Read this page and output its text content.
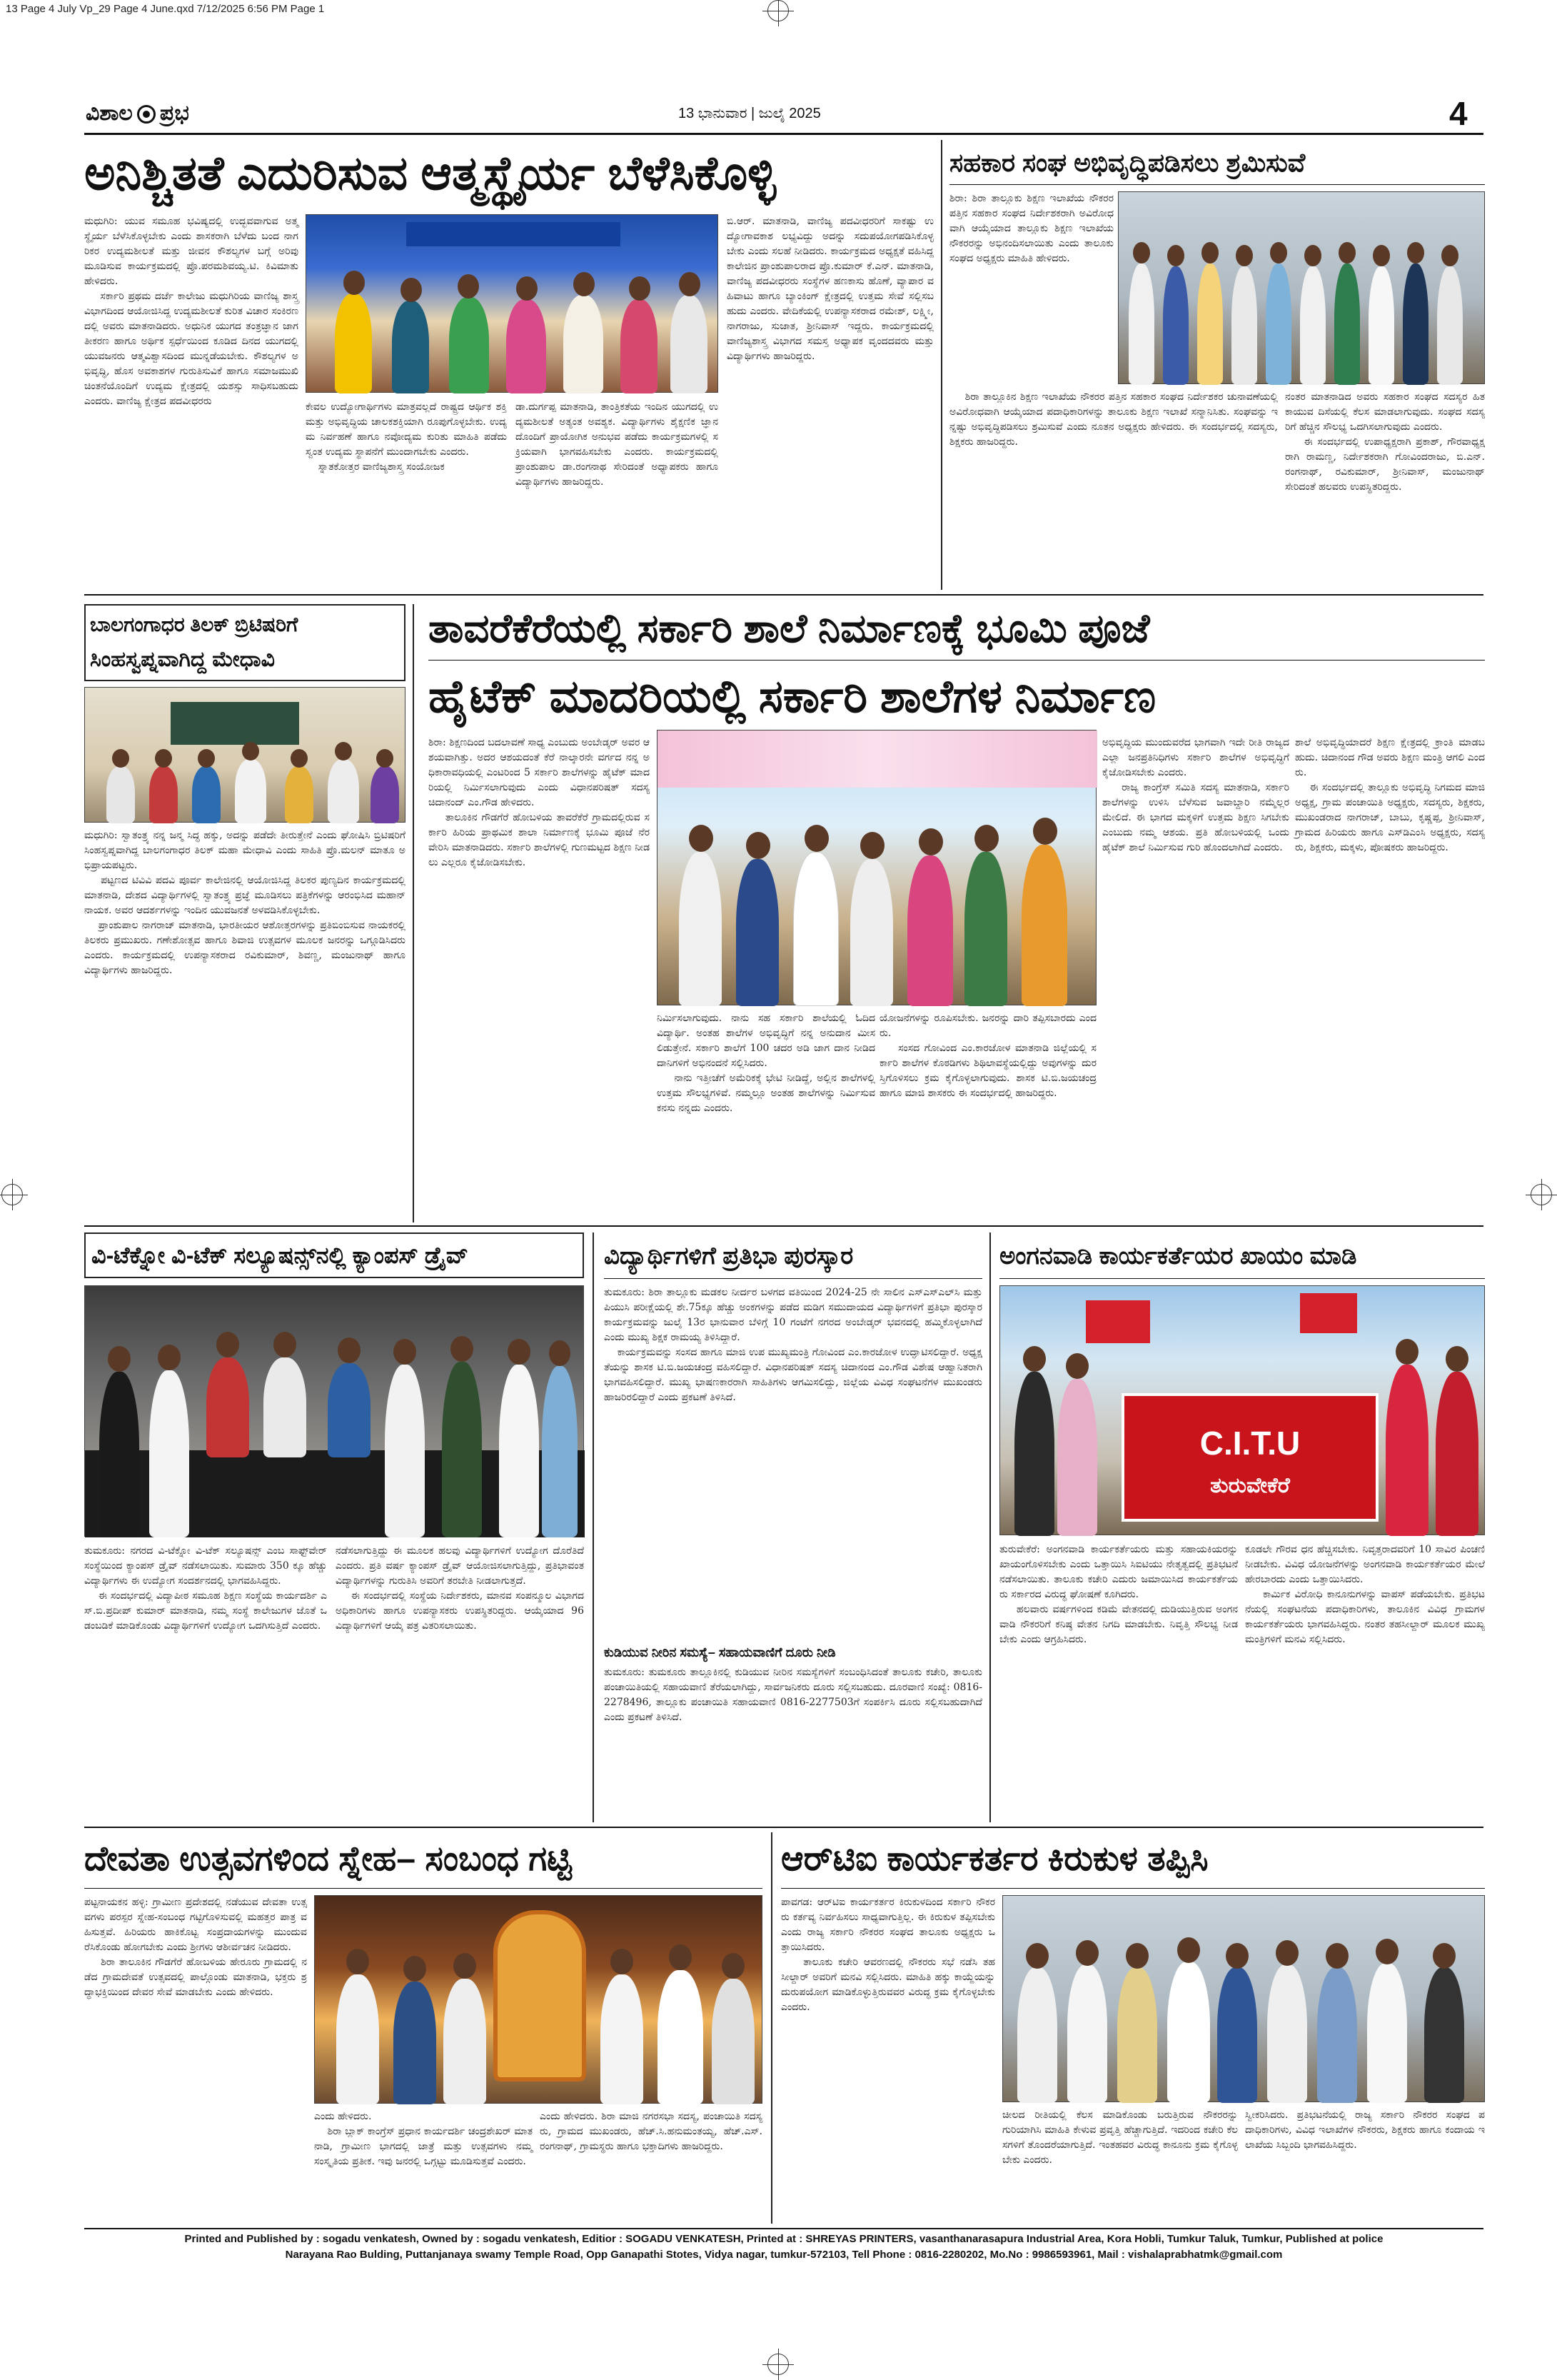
13 Page 4 July Vp_29 Page 4 June.qxd 7/12/2025 6:56 PM Page 1
ವಿಶಾಲ ಪ್ರಭ	13 ಭಾನುವಾರ | ಜುಲೈ 2025	4
ಅನಿಶ್ಚಿತತೆ ಎದುರಿಸುವ ಆತ್ಮಸ್ಥೈರ್ಯ ಬೆಳೆಸಿಕೊಳ್ಳಿ
ಮಧುಗಿರಿ: ಯುವ ಸಮೂಹ ಭವಿಷ್ಯದಲ್ಲಿ ಉದ್ಭವವಾಗುವ ಅತ್ಮಸ್ಥೈರ್ಯ ಬೆಳೆಸಿಕೊಳ್ಳಬೇಕು ಎಂದು ಶಾಸಕರಾಗಿ ಬೆಳೆದು ಬಂದ ನಾಗರಿಕರ ಉದ್ಯಮಶೀಲತೆ ಮತ್ತು ಜೀವನ ಕೌಶಲ್ಯಗಳ ಬಗ್ಗೆ ಅರಿವು ಮೂಡಿಸುವ ಕಾರ್ಯಕ್ರಮದಲ್ಲಿ ಪ್ರೊ.ಪರಮಶಿವಯ್ಯ.ಟಿ. ಕಿವಿಮಾತು ಹೇಳಿದರು.
ಸರ್ಕಾರಿ ಪ್ರಥಮ ದರ್ಜೆ ಕಾಲೇಜು ಮಧುಗಿರಿಯ ವಾಣಿಜ್ಯ ಶಾಸ್ತ್ರ ವಿಭಾಗದಿಂದ ಆಯೋಜಿಸಿದ್ದ ಉದ್ಯಮಶೀಲತೆ ಕುರಿತ ವಿಚಾರ ಸಂಕಿರಣದಲ್ಲಿ ಅವರು ಮಾತನಾಡಿದರು. ಅಧುನಿಕ ಯುಗದ ತಂತ್ರಜ್ಞಾನ ಜಾಗತೀಕರಣ ಹಾಗೂ ಅರ್ಥಿಕ ಸ್ಪರ್ಧೆಯಿಂದ ಕೂಡಿದ ದಿನದ ಯುಗದಲ್ಲಿ ಯುವಜನರು ಆತ್ಮವಿಶ್ವಾಸದಿಂದ ಮುನ್ನಡೆಯಬೇಕು. ಕೌಶಲ್ಯಗಳ ಅಭಿವೃದ್ಧಿ, ಹೊಸ ಅವಕಾಶಗಳ ಗುರುತಿಸುವಿಕೆ ಹಾಗೂ ಸಮಾಜಮುಖಿ ಚಿಂತನೆಯೊಂದಿಗೆ ಉದ್ಯಮ ಕ್ಷೇತ್ರದಲ್ಲಿ ಯಶಸ್ಸು ಸಾಧಿಸಬಹುದು ಎಂದರು. ವಾಣಿಜ್ಯ ಕ್ಷೇತ್ರದ ಪದವೀಧರರು	ಕೇವಲ ಉದ್ಯೋಗಾರ್ಥಿಗಳು ಮಾತ್ರವಲ್ಲದೆ ರಾಷ್ಟ್ರದ ಆರ್ಥಿಕ ಶಕ್ತಿ ಮತ್ತು ಅಭಿವೃದ್ಧಿಯ ಚಾಲಕಶಕ್ತಿಯಾಗಿ ರೂಪುಗೊಳ್ಳಬೇಕು. ಉದ್ಯಮ ನಿರ್ವಹಣೆ ಹಾಗೂ ನವೋದ್ಯಮ ಕುರಿತು ಮಾಹಿತಿ ಪಡೆದು ಸ್ವಂತ ಉದ್ಯಮ ಸ್ಥಾಪನೆಗೆ ಮುಂದಾಗಬೇಕು ಎಂದರು.
ಸ್ನಾತಕೋತ್ತರ ವಾಣಿಜ್ಯಶಾಸ್ತ್ರ ಸಂಯೋಜಕ
ಡಾ.ದುರ್ಗಪ್ಪ ಮಾತನಾಡಿ, ತಾಂತ್ರಿಕತೆಯ ಇಂದಿನ ಯುಗದಲ್ಲಿ ಉದ್ಯಮಶೀಲತೆ ಅತ್ಯಂತ ಅವಶ್ಯಕ. ವಿದ್ಯಾರ್ಥಿಗಳು ಶೈಕ್ಷಣಿಕ ಜ್ಞಾನದೊಂದಿಗೆ ಪ್ರಾಯೋಗಿಕ ಅನುಭವ ಪಡೆದು ಕಾರ್ಯಕ್ರಮಗಳಲ್ಲಿ ಸಕ್ರಿಯವಾಗಿ ಭಾಗವಹಿಸಬೇಕು ಎಂದರು. ಕಾರ್ಯಕ್ರಮದಲ್ಲಿ ಪ್ರಾಂಶುಪಾಲ ಡಾ.ರಂಗನಾಥ ಸೇರಿದಂತೆ ಅಧ್ಯಾಪಕರು ಹಾಗೂ ವಿದ್ಯಾರ್ಥಿಗಳು ಹಾಜರಿದ್ದರು.
ಬಿ.ಆರ್. ಮಾತನಾಡಿ, ವಾಣಿಜ್ಯ ಪದವೀಧರರಿಗೆ ಸಾಕಷ್ಟು ಉದ್ಯೋಗಾವಕಾಶ ಲಭ್ಯವಿದ್ದು ಅದನ್ನು ಸದುಪಯೋಗಪಡಿಸಿಕೊಳ್ಳಬೇಕು ಎಂದು ಸಲಹೆ ನೀಡಿದರು. ಕಾರ್ಯಕ್ರಮದ ಅಧ್ಯಕ್ಷತೆ ವಹಿಸಿದ್ದ ಕಾಲೇಜಿನ ಪ್ರಾಂಶುಪಾಲರಾದ ಪ್ರೊ.ಕುಮಾರ್ ಕೆ.ಎನ್. ಮಾತನಾಡಿ, ವಾಣಿಜ್ಯ ಪದವೀಧರರು ಸಂಸ್ಥೆಗಳ ಹಣಕಾಸು ಹೊಣೆ, ವ್ಯಾಪಾರ ವಹಿವಾಟು ಹಾಗೂ ಬ್ಯಾಂಕಿಂಗ್ ಕ್ಷೇತ್ರದಲ್ಲಿ ಉತ್ತಮ ಸೇವೆ ಸಲ್ಲಿಸಬಹುದು ಎಂದರು. ವೇದಿಕೆಯಲ್ಲಿ ಉಪನ್ಯಾಸಕರಾದ ರಮೇಶ್, ಲಕ್ಷ್ಮೀ, ನಾಗರಾಜು, ಸುಜಾತ, ಶ್ರೀನಿವಾಸ್ ಇದ್ದರು. ಕಾರ್ಯಕ್ರಮದಲ್ಲಿ ವಾಣಿಜ್ಯಶಾಸ್ತ್ರ ವಿಭಾಗದ ಸಮಸ್ತ ಅಧ್ಯಾಪಕ ವೃಂದದವರು ಮತ್ತು ವಿದ್ಯಾರ್ಥಿಗಳು ಹಾಜರಿದ್ದರು.
ಸಹಕಾರ ಸಂಘ ಅಭಿವೃದ್ಧಿಪಡಿಸಲು ಶ್ರಮಿಸುವೆ
ಶಿರಾ: ಶಿರಾ ತಾಲ್ಲೂಕು ಶಿಕ್ಷಣ ಇಲಾಖೆಯ ನೌಕರರ ಪತ್ತಿನ ಸಹಕಾರ ಸಂಘದ ನಿರ್ದೇಶಕರಾಗಿ ಅವಿರೋಧವಾಗಿ ಆಯ್ಕೆಯಾದ ತಾಲ್ಲೂಕು ಶಿಕ್ಷಣ ಇಲಾಖೆಯ ನೌಕರರನ್ನು ಅಭಿನಂದಿಸಲಾಯಿತು ಎಂದು ತಾಲೂಕು ಸಂಘದ ಅಧ್ಯಕ್ಷರು ಮಾಹಿತಿ ಹೇಳಿದರು.
ಶಿರಾ ತಾಲ್ಲೂಕಿನ ಶಿಕ್ಷಣ ಇಲಾಖೆಯ ನೌಕರರ ಪತ್ತಿನ ಸಹಕಾರ ಸಂಘದ ನಿರ್ದೇಶಕರ ಚುನಾವಣೆಯಲ್ಲಿ ಅವಿರೋಧವಾಗಿ ಆಯ್ಕೆಯಾದ ಪದಾಧಿಕಾರಿಗಳನ್ನು ತಾಲೂಕು ಶಿಕ್ಷಣ ಇಲಾಖೆ ಸನ್ಮಾನಿಸಿತು. ಸಂಘವನ್ನು ಇನ್ನಷ್ಟು ಅಭಿವೃದ್ಧಿಪಡಿಸಲು ಶ್ರಮಿಸುವೆ ಎಂದು ನೂತನ ಅಧ್ಯಕ್ಷರು ಹೇಳಿದರು. ಈ ಸಂದರ್ಭದಲ್ಲಿ ಸದಸ್ಯರು, ಶಿಕ್ಷಕರು ಹಾಜರಿದ್ದರು.
ನಂತರ ಮಾತನಾಡಿದ ಅವರು ಸಹಕಾರ ಸಂಘದ ಸದಸ್ಯರ ಹಿತ ಕಾಯುವ ದಿಸೆಯಲ್ಲಿ ಕೆಲಸ ಮಾಡಲಾಗುವುದು. ಸಂಘದ ಸದಸ್ಯರಿಗೆ ಹೆಚ್ಚಿನ ಸೌಲಭ್ಯ ಒದಗಿಸಲಾಗುವುದು ಎಂದರು.
ಈ ಸಂದರ್ಭದಲ್ಲಿ ಉಪಾಧ್ಯಕ್ಷರಾಗಿ ಪ್ರಕಾಶ್, ಗೌರವಾಧ್ಯಕ್ಷರಾಗಿ ರಾಮಣ್ಣ, ನಿರ್ದೇಶಕರಾಗಿ ಗೋವಿಂದರಾಜು, ಬಿ.ಎನ್. ರಂಗನಾಥ್, ರವಿಕುಮಾರ್, ಶ್ರೀನಿವಾಸ್, ಮಂಜುನಾಥ್ ಸೇರಿದಂತೆ ಹಲವರು ಉಪಸ್ಥಿತರಿದ್ದರು.
ಬಾಲಗಂಗಾಧರ ತಿಲಕ್ ಬ್ರಿಟಿಷರಿಗೆ
ಸಿಂಹಸ್ವಪ್ನವಾಗಿದ್ದ ಮೇಧಾವಿ
ಮಧುಗಿರಿ: ಸ್ವಾತಂತ್ರ್ಯ ನನ್ನ ಜನ್ಮ ಸಿದ್ಧ ಹಕ್ಕು, ಅದನ್ನು ಪಡೆದೇ ತೀರುತ್ತೇನೆ ಎಂದು ಘೋಷಿಸಿ ಬ್ರಿಟಿಷರಿಗೆ ಸಿಂಹಸ್ವಪ್ನವಾಗಿದ್ದ ಬಾಲಗಂಗಾಧರ ತಿಲಕ್ ಮಹಾ ಮೇಧಾವಿ ಎಂದು ಸಾಹಿತಿ ಪ್ರೊ.ಮಲನ್ ಮಾತೂ ಅಭಿಪ್ರಾಯಪಟ್ಟರು.
ಪಟ್ಟಣದ ಟಿವಿವಿ ಪದವಿ ಪೂರ್ವ ಕಾಲೇಜಿನಲ್ಲಿ ಆಯೋಜಿಸಿದ್ದ ತಿಲಕರ ಪುಣ್ಯದಿನ ಕಾರ್ಯಕ್ರಮದಲ್ಲಿ ಮಾತನಾಡಿ, ದೇಶದ ವಿದ್ಯಾರ್ಥಿಗಳಲ್ಲಿ ಸ್ವಾತಂತ್ರ್ಯ ಪ್ರಜ್ಞೆ ಮೂಡಿಸಲು ಪತ್ರಿಕೆಗಳನ್ನು ಆರಂಭಿಸಿದ ಮಹಾನ್ ನಾಯಕ. ಅವರ ಆದರ್ಶಗಳನ್ನು ಇಂದಿನ ಯುವಜನತೆ ಅಳವಡಿಸಿಕೊಳ್ಳಬೇಕು.
ಪ್ರಾಂಶುಪಾಲ ನಾಗರಾಜ್ ಮಾತನಾಡಿ, ಭಾರತೀಯರ ಆಶೋತ್ತರಗಳನ್ನು ಪ್ರತಿಬಿಂಬಿಸುವ ನಾಯಕರಲ್ಲಿ ತಿಲಕರು ಪ್ರಮುಖರು. ಗಣೇಶೋತ್ಸವ ಹಾಗೂ ಶಿವಾಜಿ ಉತ್ಸವಗಳ ಮೂಲಕ ಜನರನ್ನು ಒಗ್ಗೂಡಿಸಿದರು ಎಂದರು. ಕಾರ್ಯಕ್ರಮದಲ್ಲಿ ಉಪನ್ಯಾಸಕರಾದ ರವಿಕುಮಾರ್, ಶಿವಣ್ಣ, ಮಂಜುನಾಥ್ ಹಾಗೂ ವಿದ್ಯಾರ್ಥಿಗಳು ಹಾಜರಿದ್ದರು.
ತಾವರೆಕೆರೆಯಲ್ಲಿ ಸರ್ಕಾರಿ ಶಾಲೆ ನಿರ್ಮಾಣಕ್ಕೆ ಭೂಮಿ ಪೂಜೆ
ಹೈಟೆಕ್ ಮಾದರಿಯಲ್ಲಿ ಸರ್ಕಾರಿ ಶಾಲೆಗಳ ನಿರ್ಮಾಣ
ಶಿರಾ: ಶಿಕ್ಷಣದಿಂದ ಬದಲಾವಣೆ ಸಾಧ್ಯ ಎಂಬುದು ಅಂಬೇಡ್ಕರ್ ಅವರ ಆಶಯವಾಗಿತ್ತು. ಅದರ ಆಶಯದಂತೆ ಕೆರೆ ನಾಲ್ಕಾರನೇ ವರ್ಗದ ನನ್ನ ಅಧಿಕಾರಾವಧಿಯಲ್ಲಿ ಎಂಟರಿಂದ 5 ಸರ್ಕಾರಿ ಶಾಲೆಗಳನ್ನು ಹೈಟೆಕ್ ಮಾದರಿಯಲ್ಲಿ ನಿರ್ಮಿಸಲಾಗುವುದು ಎಂದು ವಿಧಾನಪರಿಷತ್ ಸದಸ್ಯ ಚಿದಾನಂದ್ ಎಂ.ಗೌಡ ಹೇಳಿದರು.
ತಾಲೂಕಿನ ಗೌಡಗೆರೆ ಹೋಬಳಿಯ ತಾವರೆಕೆರೆ ಗ್ರಾಮದಲ್ಲಿರುವ ಸರ್ಕಾರಿ ಹಿರಿಯ ಪ್ರಾಥಮಿಕ ಶಾಲಾ ನಿರ್ಮಾಣಕ್ಕೆ ಭೂಮಿ ಪೂಜೆ ನೆರವೇರಿಸಿ ಮಾತನಾಡಿದರು. ಸರ್ಕಾರಿ ಶಾಲೆಗಳಲ್ಲಿ ಗುಣಮಟ್ಟದ ಶಿಕ್ಷಣ ನೀಡಲು ಎಲ್ಲರೂ ಕೈಜೋಡಿಸಬೇಕು.
ನಿರ್ಮಿಸಲಾಗುವುದು. ನಾನು ಸಹ ಸರ್ಕಾರಿ ಶಾಲೆಯಲ್ಲಿ ಓದಿದ ವಿದ್ಯಾರ್ಥಿ. ಅಂತಹ ಶಾಲೆಗಳ ಅಭಿವೃದ್ಧಿಗೆ ನನ್ನ ಅನುದಾನ ಮೀಸಲಿಡುತ್ತೇನೆ. ಸರ್ಕಾರಿ ಶಾಲೆಗೆ 100 ಚದರ ಅಡಿ ಜಾಗ ದಾನ ನೀಡಿದ ದಾನಿಗಳಿಗೆ ಅಭಿನಂದನೆ ಸಲ್ಲಿಸಿದರು.
ನಾನು ಇತ್ತೀಚೆಗೆ ಅಮೆರಿಕಕ್ಕೆ ಭೇಟಿ ನೀಡಿದ್ದೆ, ಅಲ್ಲಿನ ಶಾಲೆಗಳಲ್ಲಿ ಉತ್ತಮ ಸೌಲಭ್ಯಗಳಿವೆ. ನಮ್ಮಲ್ಲೂ ಅಂತಹ ಶಾಲೆಗಳನ್ನು ನಿರ್ಮಿಸುವ ಕನಸು ನನ್ನದು ಎಂದರು.
ಯೋಜನೆಗಳನ್ನು ರೂಪಿಸಬೇಕು. ಜನರನ್ನು ದಾರಿ ತಪ್ಪಿಸಬಾರದು ಎಂದರು.
ಸಂಸದ ಗೋವಿಂದ ಎಂ.ಕಾರಜೋಳ ಮಾತನಾಡಿ ಜಿಲ್ಲೆಯಲ್ಲಿ ಸರ್ಕಾರಿ ಶಾಲೆಗಳ ಕೊಠಡಿಗಳು ಶಿಥಿಲಾವಸ್ಥೆಯಲ್ಲಿದ್ದು ಅವುಗಳನ್ನು ದುರಸ್ತಿಗೊಳಿಸಲು ಕ್ರಮ ಕೈಗೊಳ್ಳಲಾಗುವುದು. ಶಾಸಕ ಟಿ.ಬಿ.ಜಯಚಂದ್ರ ಹಾಗೂ ಮಾಜಿ ಶಾಸಕರು ಈ ಸಂದರ್ಭದಲ್ಲಿ ಹಾಜರಿದ್ದರು.
ಅಭಿವೃದ್ಧಿಯ ಮುಂದುವರೆದ ಭಾಗವಾಗಿ ಇದೇ ರೀತಿ ರಾಜ್ಯದ ಎಲ್ಲಾ ಜನಪ್ರತಿನಿಧಿಗಳು ಸರ್ಕಾರಿ ಶಾಲೆಗಳ ಅಭಿವೃದ್ಧಿಗೆ ಕೈಜೋಡಿಸಬೇಕು ಎಂದರು.
ರಾಜ್ಯ ಕಾಂಗ್ರೆಸ್ ಸಮಿತಿ ಸದಸ್ಯ ಮಾತನಾಡಿ, ಸರ್ಕಾರಿ ಶಾಲೆಗಳನ್ನು ಉಳಿಸಿ ಬೆಳೆಸುವ ಜವಾಬ್ದಾರಿ ನಮ್ಮೆಲ್ಲರ ಮೇಲಿದೆ. ಈ ಭಾಗದ ಮಕ್ಕಳಿಗೆ ಉತ್ತಮ ಶಿಕ್ಷಣ ಸಿಗಬೇಕು ಎಂಬುದು ನಮ್ಮ ಆಶಯ. ಪ್ರತಿ ಹೋಬಳಿಯಲ್ಲಿ ಒಂದು ಹೈಟೆಕ್ ಶಾಲೆ ನಿರ್ಮಿಸುವ ಗುರಿ ಹೊಂದಲಾಗಿದೆ ಎಂದರು.
ಶಾಲೆ ಅಭಿವೃದ್ಧಿಯಾದರೆ ಶಿಕ್ಷಣ ಕ್ಷೇತ್ರದಲ್ಲಿ ಕ್ರಾಂತಿ ಮಾಡಬಹುದು. ಚಿದಾನಂದ ಗೌಡ ಅವರು ಶಿಕ್ಷಣ ಮಂತ್ರಿ ಆಗಲಿ ಎಂದರು.
ಈ ಸಂದರ್ಭದಲ್ಲಿ ತಾಲ್ಲೂಕು ಅಭಿವೃದ್ಧಿ ನಿಗಮದ ಮಾಜಿ ಅಧ್ಯಕ್ಷ, ಗ್ರಾಮ ಪಂಚಾಯಿತಿ ಅಧ್ಯಕ್ಷರು, ಸದಸ್ಯರು, ಶಿಕ್ಷಕರು, ಮುಖಂಡರಾದ ನಾಗರಾಜ್, ಬಾಬು, ಕೃಷ್ಣಪ್ಪ, ಶ್ರೀನಿವಾಸ್, ಗ್ರಾಮದ ಹಿರಿಯರು ಹಾಗೂ ಎಸ್‌ಡಿಎಂಸಿ ಅಧ್ಯಕ್ಷರು, ಸದಸ್ಯರು, ಶಿಕ್ಷಕರು, ಮಕ್ಕಳು, ಪೋಷಕರು ಹಾಜರಿದ್ದರು.
ವಿ-ಟೆಕ್ನೋ ವಿ-ಟೆಕ್ ಸಲ್ಯೂಷನ್ಸ್‌ನಲ್ಲಿ ಕ್ಯಾಂಪಸ್ ಡ್ರೈವ್
ತುಮಕೂರು: ನಗರದ ವಿ-ಟೆಕ್ನೋ ವಿ-ಟೆಕ್ ಸಲ್ಯೂಷನ್ಸ್ ಎಂಬ ಸಾಫ್ಟ್‌ವೇರ್ ಸಂಸ್ಥೆಯಿಂದ ಕ್ಯಾಂಪಸ್ ಡ್ರೈವ್ ನಡೆಸಲಾಯಿತು. ಸುಮಾರು 350 ಕ್ಕೂ ಹೆಚ್ಚು ವಿದ್ಯಾರ್ಥಿಗಳು ಈ ಉದ್ಯೋಗ ಸಂದರ್ಶನದಲ್ಲಿ ಭಾಗವಹಿಸಿದ್ದರು.
ಈ ಸಂದರ್ಭದಲ್ಲಿ ವಿದ್ಯಾಪೀಠ ಸಮೂಹ ಶಿಕ್ಷಣ ಸಂಸ್ಥೆಯ ಕಾರ್ಯದರ್ಶಿ ಎಸ್.ಬಿ.ಪ್ರದೀಪ್ ಕುಮಾರ್ ಮಾತನಾಡಿ, ನಮ್ಮ ಸಂಸ್ಥೆ ಕಾಲೇಜುಗಳ ಜೊತೆ ಒಡಂಬಡಿಕೆ ಮಾಡಿಕೊಂಡು ವಿದ್ಯಾರ್ಥಿಗಳಿಗೆ ಉದ್ಯೋಗ ಒದಗಿಸುತ್ತಿದೆ ಎಂದರು.
ನಡೆಸಲಾಗುತ್ತಿದ್ದು ಈ ಮೂಲಕ ಹಲವು ವಿದ್ಯಾರ್ಥಿಗಳಿಗೆ ಉದ್ಯೋಗ ದೊರೆತಿದೆ ಎಂದರು. ಪ್ರತಿ ವರ್ಷ ಕ್ಯಾಂಪಸ್ ಡ್ರೈವ್ ಆಯೋಜಿಸಲಾಗುತ್ತಿದ್ದು, ಪ್ರತಿಭಾವಂತ ವಿದ್ಯಾರ್ಥಿಗಳನ್ನು ಗುರುತಿಸಿ ಅವರಿಗೆ ತರಬೇತಿ ನೀಡಲಾಗುತ್ತದೆ.
ಈ ಸಂದರ್ಭದಲ್ಲಿ ಸಂಸ್ಥೆಯ ನಿರ್ದೇಶಕರು, ಮಾನವ ಸಂಪನ್ಮೂಲ ವಿಭಾಗದ ಅಧಿಕಾರಿಗಳು ಹಾಗೂ ಉಪನ್ಯಾಸಕರು ಉಪಸ್ಥಿತರಿದ್ದರು. ಆಯ್ಕೆಯಾದ 96 ವಿದ್ಯಾರ್ಥಿಗಳಿಗೆ ಆಯ್ಕೆ ಪತ್ರ ವಿತರಿಸಲಾಯಿತು.
ವಿದ್ಯಾರ್ಥಿಗಳಿಗೆ ಪ್ರತಿಭಾ ಪುರಸ್ಕಾರ
ತುಮಕೂರು: ಶಿರಾ ತಾಲ್ಲೂಕು ಮಡಕಲ ನೀರ್ದರ ಬಳಗದ ವತಿಯಿಂದ 2024-25 ನೇ ಸಾಲಿನ ಎಸ್‌ಎಸ್‌ಎಲ್‌ಸಿ ಮತ್ತು ಪಿಯುಸಿ ಪರೀಕ್ಷೆಯಲ್ಲಿ ಶೇ.75ಕ್ಕೂ ಹೆಚ್ಚು ಅಂಕಗಳನ್ನು ಪಡೆದ ಮಡಿಗ ಸಮುದಾಯದ ವಿದ್ಯಾರ್ಥಿಗಳಿಗೆ ಪ್ರತಿಭಾ ಪುರಸ್ಕಾರ ಕಾರ್ಯಕ್ರಮವನ್ನು ಜುಲೈ 13ರ ಭಾನುವಾರ ಬೆಳಿಗ್ಗೆ 10 ಗಂಟೆಗೆ ನಗರದ ಅಂಬೇಡ್ಕರ್ ಭವನದಲ್ಲಿ ಹಮ್ಮಿಕೊಳ್ಳಲಾಗಿದೆ ಎಂದು ಮುಖ್ಯ ಶಿಕ್ಷಕ ರಾಮಯ್ಯ ತಿಳಿಸಿದ್ದಾರೆ.
ಕಾರ್ಯಕ್ರಮವನ್ನು ಸಂಸದ ಹಾಗೂ ಮಾಜಿ ಉಪ ಮುಖ್ಯಮಂತ್ರಿ ಗೋವಿಂದ ಎಂ.ಕಾರಜೋಳ ಉದ್ಘಾಟಿಸಲಿದ್ದಾರೆ. ಅಧ್ಯಕ್ಷತೆಯನ್ನು ಶಾಸಕ ಟಿ.ಬಿ.ಜಯಚಂದ್ರ ವಹಿಸಲಿದ್ದಾರೆ. ವಿಧಾನಪರಿಷತ್ ಸದಸ್ಯ ಚಿದಾನಂದ ಎಂ.ಗೌಡ ವಿಶೇಷ ಆಹ್ವಾನಿತರಾಗಿ ಭಾಗವಹಿಸಲಿದ್ದಾರೆ. ಮುಖ್ಯ ಭಾಷಣಕಾರರಾಗಿ ಸಾಹಿತಿಗಳು ಆಗಮಿಸಲಿದ್ದು, ಜಿಲ್ಲೆಯ ವಿವಿಧ ಸಂಘಟನೆಗಳ ಮುಖಂಡರು ಹಾಜರಿರಲಿದ್ದಾರೆ ಎಂದು ಪ್ರಕಟಣೆ ತಿಳಿಸಿದೆ.
ಕುಡಿಯುವ ನೀರಿನ ಸಮಸ್ಯೆ– ಸಹಾಯವಾಣಿಗೆ ದೂರು ನೀಡಿ
ತುಮಕೂರು: ತುಮಕೂರು ತಾಲ್ಲೂಕಿನಲ್ಲಿ ಕುಡಿಯುವ ನೀರಿನ ಸಮಸ್ಯೆಗಳಿಗೆ ಸಂಬಂಧಿಸಿದಂತೆ ತಾಲೂಕು ಕಚೇರಿ, ತಾಲೂಕು ಪಂಚಾಯಿತಿಯಲ್ಲಿ ಸಹಾಯವಾಣಿ ತೆರೆಯಲಾಗಿದ್ದು, ಸಾರ್ವಜನಿಕರು ದೂರು ಸಲ್ಲಿಸಬಹುದು. ದೂರವಾಣಿ ಸಂಖ್ಯೆ: 0816-2278496, ತಾಲ್ಲೂಕು ಪಂಚಾಯಿತಿ ಸಹಾಯವಾಣಿ 0816-2277503ಗೆ ಸಂಪರ್ಕಿಸಿ ದೂರು ಸಲ್ಲಿಸಬಹುದಾಗಿದೆ ಎಂದು ಪ್ರಕಟಣೆ ತಿಳಿಸಿದೆ.
ಅಂಗನವಾಡಿ ಕಾರ್ಯಕರ್ತೆಯರ ಖಾಯಂ ಮಾಡಿ
C.I.T.U
ತುರುವೇಕೆರೆ
ತುರುವೇಕೆರೆ: ಅಂಗನವಾಡಿ ಕಾರ್ಯಕರ್ತೆಯರು ಮತ್ತು ಸಹಾಯಕಿಯರನ್ನು ಖಾಯಂಗೊಳಿಸಬೇಕು ಎಂದು ಒತ್ತಾಯಿಸಿ ಸಿಐಟಿಯು ನೇತೃತ್ವದಲ್ಲಿ ಪ್ರತಿಭಟನೆ ನಡೆಸಲಾಯಿತು. ತಾಲೂಕು ಕಚೇರಿ ಎದುರು ಜಮಾಯಿಸಿದ ಕಾರ್ಯಕರ್ತೆಯರು ಸರ್ಕಾರದ ವಿರುದ್ಧ ಘೋಷಣೆ ಕೂಗಿದರು.
ಹಲವಾರು ವರ್ಷಗಳಿಂದ ಕಡಿಮೆ ವೇತನದಲ್ಲಿ ದುಡಿಯುತ್ತಿರುವ ಅಂಗನವಾಡಿ ನೌಕರರಿಗೆ ಕನಿಷ್ಠ ವೇತನ ನಿಗದಿ ಮಾಡಬೇಕು. ನಿವೃತ್ತಿ ಸೌಲಭ್ಯ ನೀಡಬೇಕು ಎಂದು ಆಗ್ರಹಿಸಿದರು.
ಕೂಡಲೇ ಗೌರವ ಧನ ಹೆಚ್ಚಿಸಬೇಕು. ನಿವೃತ್ತರಾದವರಿಗೆ 10 ಸಾವಿರ ಪಿಂಚಣಿ ನೀಡಬೇಕು. ವಿವಿಧ ಯೋಜನೆಗಳನ್ನು ಅಂಗನವಾಡಿ ಕಾರ್ಯಕರ್ತೆಯರ ಮೇಲೆ ಹೇರಬಾರದು ಎಂದು ಒತ್ತಾಯಿಸಿದರು.
ಕಾರ್ಮಿಕ ವಿರೋಧಿ ಕಾನೂನುಗಳನ್ನು ವಾಪಸ್ ಪಡೆಯಬೇಕು. ಪ್ರತಿಭಟನೆಯಲ್ಲಿ ಸಂಘಟನೆಯ ಪದಾಧಿಕಾರಿಗಳು, ತಾಲೂಕಿನ ವಿವಿಧ ಗ್ರಾಮಗಳ ಕಾರ್ಯಕರ್ತೆಯರು ಭಾಗವಹಿಸಿದ್ದರು. ನಂತರ ತಹಸೀಲ್ದಾರ್ ಮೂಲಕ ಮುಖ್ಯಮಂತ್ರಿಗಳಿಗೆ ಮನವಿ ಸಲ್ಲಿಸಿದರು.
ದೇವತಾ ಉತ್ಸವಗಳಿಂದ ಸ್ನೇಹ– ಸಂಬಂಧ ಗಟ್ಟಿ
ಪಟ್ಟನಾಯಕನ ಹಳ್ಳಿ: ಗ್ರಾಮೀಣ ಪ್ರದೇಶದಲ್ಲಿ ನಡೆಯುವ ದೇವತಾ ಉತ್ಸವಗಳು ಪರಸ್ಪರ ಸ್ನೇಹ-ಸಂಬಂಧ ಗಟ್ಟಿಗೊಳಿಸುವಲ್ಲಿ ಮಹತ್ತರ ಪಾತ್ರ ವಹಿಸುತ್ತವೆ. ಹಿರಿಯರು ಹಾಕಿಕೊಟ್ಟ ಸಂಪ್ರದಾಯಗಳನ್ನು ಮುಂದುವರೆಸಿಕೊಂಡು ಹೋಗಬೇಕು ಎಂದು ಶ್ರೀಗಳು ಆಶೀರ್ವಚನ ನೀಡಿದರು.
ಶಿರಾ ತಾಲೂಕಿನ ಗೌಡಗೆರೆ ಹೋಬಳಿಯ ಹೇರೂರು ಗ್ರಾಮದಲ್ಲಿ ನಡೆದ ಗ್ರಾಮದೇವತೆ ಉತ್ಸವದಲ್ಲಿ ಪಾಲ್ಗೊಂಡು ಮಾತನಾಡಿ, ಭಕ್ತರು ಶ್ರದ್ಧಾಭಕ್ತಿಯಿಂದ ದೇವರ ಸೇವೆ ಮಾಡಬೇಕು ಎಂದು ಹೇಳಿದರು.
ಎಂದು ಹೇಳಿದರು.
ಶಿರಾ ಬ್ಲಾಕ್ ಕಾಂಗ್ರೆಸ್ ಪ್ರಧಾನ ಕಾರ್ಯದರ್ಶಿ ಚಂದ್ರಶೇಖರ್ ಮಾತನಾಡಿ, ಗ್ರಾಮೀಣ ಭಾಗದಲ್ಲಿ ಜಾತ್ರೆ ಮತ್ತು ಉತ್ಸವಗಳು ನಮ್ಮ ಸಂಸ್ಕೃತಿಯ ಪ್ರತೀಕ. ಇವು ಜನರಲ್ಲಿ ಒಗ್ಗಟ್ಟು ಮೂಡಿಸುತ್ತವೆ ಎಂದರು.
ಎಂದು ಹೇಳಿದರು. ಶಿರಾ ಮಾಜಿ ನಗರಸಭಾ ಸದಸ್ಯ, ಪಂಚಾಯಿತಿ ಸದಸ್ಯರು, ಗ್ರಾಮದ ಮುಖಂಡರು, ಹೆಚ್.ಸಿ.ಹನುಮಂತಯ್ಯ, ಹೆಚ್.ಎಸ್.ರಂಗನಾಥ್, ಗ್ರಾಮಸ್ಥರು ಹಾಗೂ ಭಕ್ತಾದಿಗಳು ಹಾಜರಿದ್ದರು.
ಆರ್‌ಟಿಐ ಕಾರ್ಯಕರ್ತರ ಕಿರುಕುಳ ತಪ್ಪಿಸಿ
ಪಾವಗಡ: ಆರ್‌ಟಿಐ ಕಾರ್ಯಕರ್ತರ ಕಿರುಕುಳದಿಂದ ಸರ್ಕಾರಿ ನೌಕರರು ಕರ್ತವ್ಯ ನಿರ್ವಹಿಸಲು ಸಾಧ್ಯವಾಗುತ್ತಿಲ್ಲ. ಈ ಕಿರುಕುಳ ತಪ್ಪಿಸಬೇಕು ಎಂದು ರಾಜ್ಯ ಸರ್ಕಾರಿ ನೌಕರರ ಸಂಘದ ತಾಲೂಕು ಅಧ್ಯಕ್ಷರು ಒತ್ತಾಯಿಸಿದರು.
ತಾಲೂಕು ಕಚೇರಿ ಆವರಣದಲ್ಲಿ ನೌಕರರು ಸಭೆ ನಡೆಸಿ ತಹಸೀಲ್ದಾರ್ ಅವರಿಗೆ ಮನವಿ ಸಲ್ಲಿಸಿದರು. ಮಾಹಿತಿ ಹಕ್ಕು ಕಾಯ್ದೆಯನ್ನು ದುರುಪಯೋಗ ಮಾಡಿಕೊಳ್ಳುತ್ತಿರುವವರ ವಿರುದ್ಧ ಕ್ರಮ ಕೈಗೊಳ್ಳಬೇಕು ಎಂದರು.
ಚೀಲದ ರೀತಿಯಲ್ಲಿ ಕೆಲಸ ಮಾಡಿಕೊಂಡು ಬರುತ್ತಿರುವ ನೌಕರರನ್ನು ಗುರಿಯಾಗಿಸಿ ಮಾಹಿತಿ ಕೇಳುವ ಪ್ರವೃತ್ತಿ ಹೆಚ್ಚಾಗುತ್ತಿದೆ. ಇದರಿಂದ ಕಚೇರಿ ಕೆಲಸಗಳಿಗೆ ತೊಂದರೆಯಾಗುತ್ತಿದೆ. ಇಂತಹವರ ವಿರುದ್ಧ ಕಾನೂನು ಕ್ರಮ ಕೈಗೊಳ್ಳಬೇಕು ಎಂದರು.
ಸ್ವೀಕರಿಸಿದರು. ಪ್ರತಿಭಟನೆಯಲ್ಲಿ ರಾಜ್ಯ ಸರ್ಕಾರಿ ನೌಕರರ ಸಂಘದ ಪದಾಧಿಕಾರಿಗಳು, ವಿವಿಧ ಇಲಾಖೆಗಳ ನೌಕರರು, ಶಿಕ್ಷಕರು ಹಾಗೂ ಕಂದಾಯ ಇಲಾಖೆಯ ಸಿಬ್ಬಂದಿ ಭಾಗವಹಿಸಿದ್ದರು.
Printed and Published by : sogadu venkatesh, Owned by : sogadu venkatesh, Editior : SOGADU VENKATESH, Printed at : SHREYAS PRINTERS, vasanthanarasapura Industrial Area, Kora Hobli, Tumkur Taluk, Tumkur, Published at police
Narayana Rao Bulding, Puttanjanaya swamy Temple Road, Opp Ganapathi Stotes, Vidya nagar, tumkur-572103, Tell Phone : 0816-2280202, Mo.No : 9986593961, Mail : vishalaprabhatmk@gmail.com
